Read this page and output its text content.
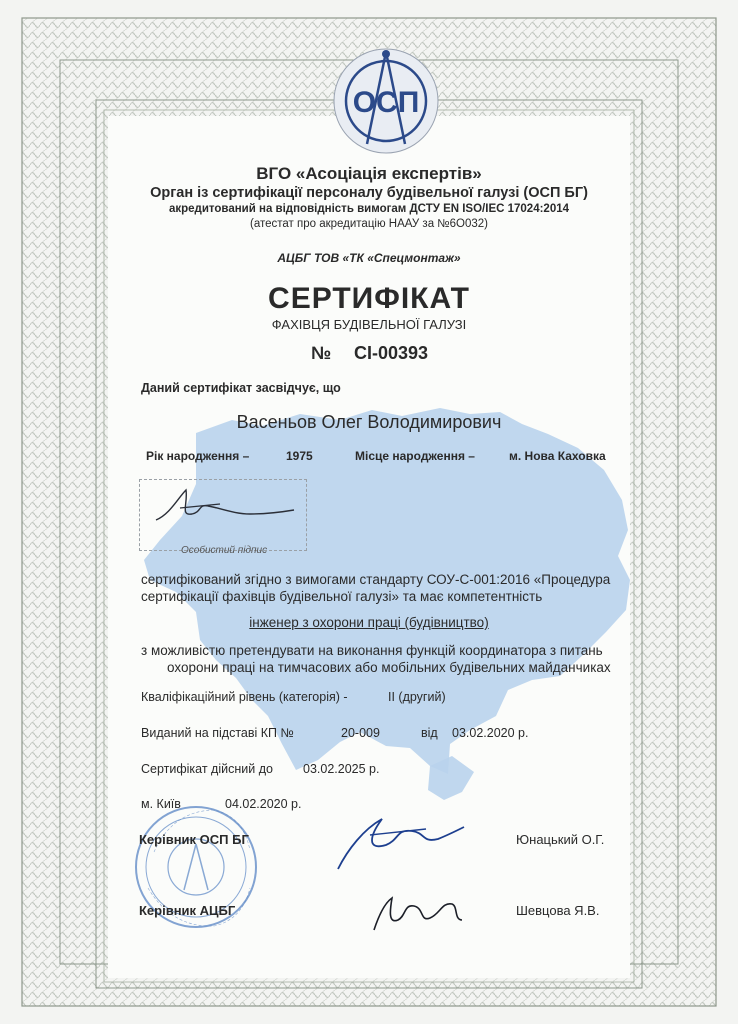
ОСП
ВГО «Асоціація експертів»
Орган із сертифікації персоналу будівельної галузі (ОСП БГ)
акредитований на відповідність вимогам ДСТУ EN ISO/IEC 17024:2014
(атестат про акредитацію НААУ за №6О032)
АЦБГ ТОВ «ТК «Спецмонтаж»
СЕРТИФІКАТ
ФАХІВЦЯ БУДІВЕЛЬНОЇ ГАЛУЗІ
№ СІ-00393
Даний сертифікат засвідчує, що
Васеньов Олег Володимирович
Рік народження –	1975	Місце народження –	м. Нова Каховка
Особистий підпис
сертифікований згідно з вимогами стандарту СОУ-С-001:2016 «Процедура
сертифікації фахівців будівельної галузі» та має компетентність
інженер з охорони праці (будівництво)
з можливістю претендувати на виконання функцій координатора з питань
охорони праці на тимчасових або мобільних будівельних майданчиках
Кваліфікаційний рівень (категорія) -	II (другий)
Виданий на підставі КП №	20-009	від 03.02.2020 р.
Сертифікат дійсний до 03.02.2025 р.
м. Київ	04.02.2020 р.
Керівник ОСП БГ	Юнацький О.Г.
Керівник АЦБГ	Шевцова Я.В.
